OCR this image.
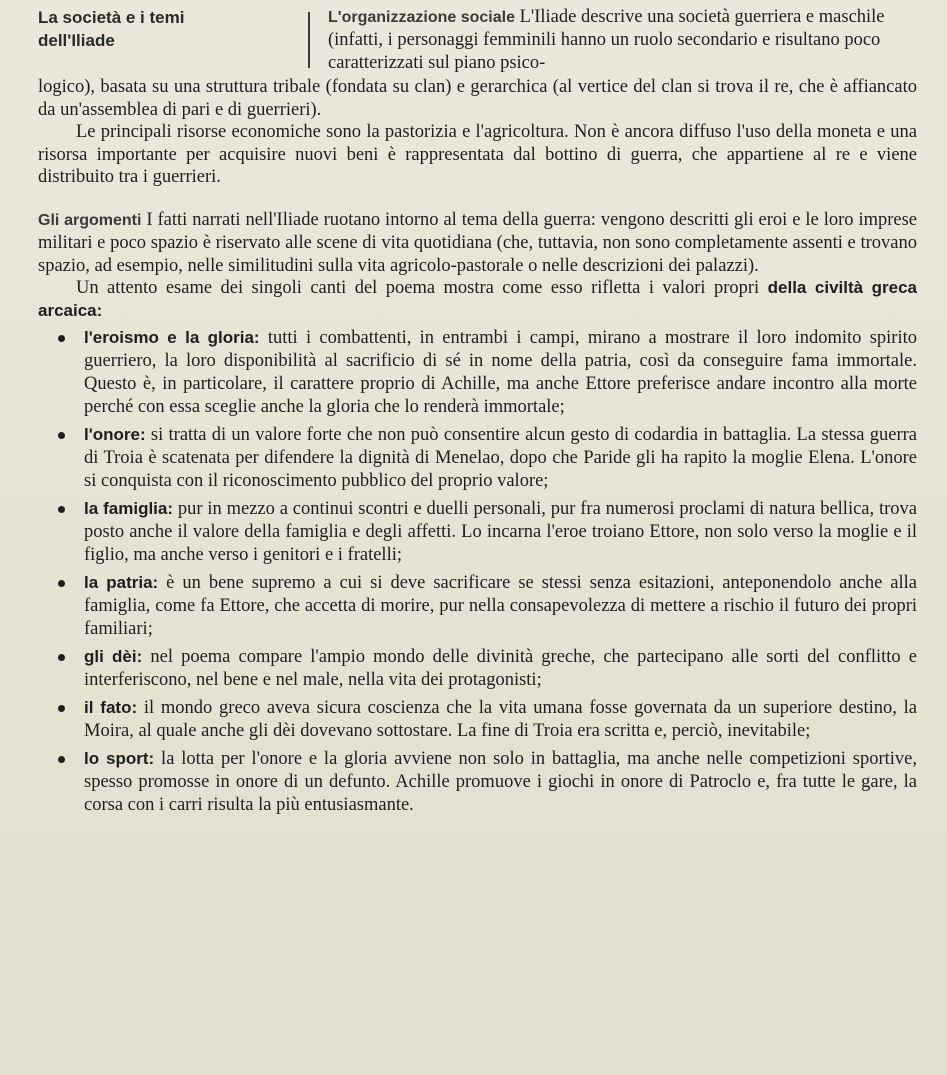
La società e i temi
dell'Iliade
L'organizzazione sociale L'Iliade descrive una società guerriera e maschile (infatti, i personaggi femminili hanno un ruolo secondario e risultano poco caratterizzati sul piano psico-

logico), basata su una struttura tribale (fondata su clan) e gerarchica (al vertice del clan si trova il re, che è affiancato da un'assemblea di pari e di guerrieri).

Le principali risorse economiche sono la pastorizia e l'agricoltura. Non è ancora diffuso l'uso della moneta e una risorsa importante per acquisire nuovi beni è rappresentata dal bottino di guerra, che appartiene al re e viene distribuito tra i guerrieri.

Gli argomenti I fatti narrati nell'Iliade ruotano intorno al tema della guerra: vengono descritti gli eroi e le loro imprese militari e poco spazio è riservato alle scene di vita quotidiana (che, tuttavia, non sono completamente assenti e trovano spazio, ad esempio, nelle similitudini sulla vita agricolo-pastorale o nelle descrizioni dei palazzi).

Un attento esame dei singoli canti del poema mostra come esso rifletta i valori propri della civiltà greca arcaica:

l'eroismo e la gloria: tutti i combattenti, in entrambi i campi, mirano a mostrare il loro indomito spirito guerriero, la loro disponibilità al sacrificio di sé in nome della patria, così da conseguire fama immortale. Questo è, in particolare, il carattere proprio di Achille, ma anche Ettore preferisce andare incontro alla morte perché con essa sceglie anche la gloria che lo renderà immortale;
l'onore: si tratta di un valore forte che non può consentire alcun gesto di codardia in battaglia. La stessa guerra di Troia è scatenata per difendere la dignità di Menelao, dopo che Paride gli ha rapito la moglie Elena. L'onore si conquista con il riconoscimento pubblico del proprio valore;
la famiglia: pur in mezzo a continui scontri e duelli personali, pur fra numerosi proclami di natura bellica, trova posto anche il valore della famiglia e degli affetti. Lo incarna l'eroe troiano Ettore, non solo verso la moglie e il figlio, ma anche verso i genitori e i fratelli;
la patria: è un bene supremo a cui si deve sacrificare se stessi senza esitazioni, anteponendolo anche alla famiglia, come fa Ettore, che accetta di morire, pur nella consapevolezza di mettere a rischio il futuro dei propri familiari;
gli dèi: nel poema compare l'ampio mondo delle divinità greche, che partecipano alle sorti del conflitto e interferiscono, nel bene e nel male, nella vita dei protagonisti;
il fato: il mondo greco aveva sicura coscienza che la vita umana fosse governata da un superiore destino, la Moira, al quale anche gli dèi dovevano sottostare. La fine di Troia era scritta e, perciò, inevitabile;
lo sport: la lotta per l'onore e la gloria avviene non solo in battaglia, ma anche nelle competizioni sportive, spesso promosse in onore di un defunto. Achille promuove i giochi in onore di Patroclo e, fra tutte le gare, la corsa con i carri risulta la più entusiasmante.
